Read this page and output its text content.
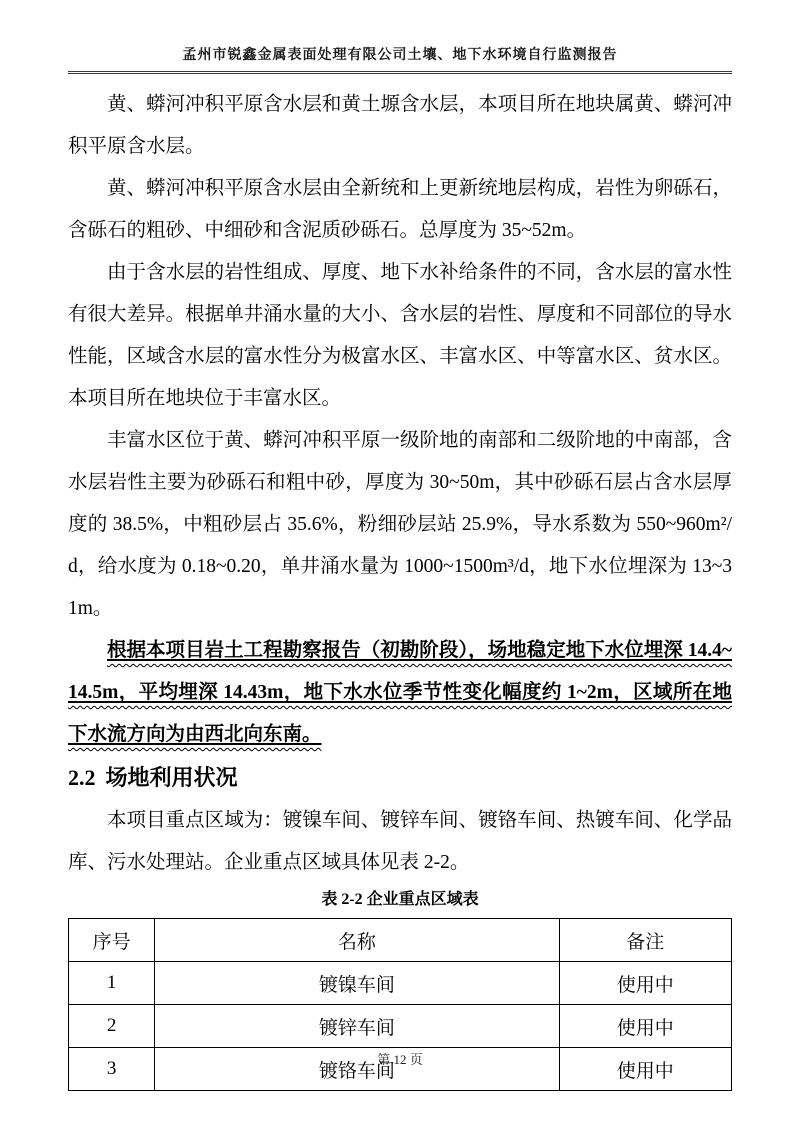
孟州市锐鑫金属表面处理有限公司土壤、地下水环境自行监测报告

黄、蟒河冲积平原含水层和黄土塬含水层，本项目所在地块属黄、蟒河冲积平原含水层。

黄、蟒河冲积平原含水层由全新统和上更新统地层构成，岩性为卵砾石，含砾石的粗砂、中细砂和含泥质砂砾石。总厚度为 35~52m。

由于含水层的岩性组成、厚度、地下水补给条件的不同，含水层的富水性有很大差异。根据单井涌水量的大小、含水层的岩性、厚度和不同部位的导水性能，区域含水层的富水性分为极富水区、丰富水区、中等富水区、贫水区。本项目所在地块位于丰富水区。

丰富水区位于黄、蟒河冲积平原一级阶地的南部和二级阶地的中南部，含水层岩性主要为砂砾石和粗中砂，厚度为 30~50m，其中砂砾石层占含水层厚度的 38.5%，中粗砂层占 35.6%，粉细砂层站 25.9%，导水系数为 550~960m²/d，给水度为 0.18~0.20，单井涌水量为 1000~1500m³/d，地下水位埋深为 13~31m。

根据本项目岩土工程勘察报告（初勘阶段），场地稳定地下水位埋深 14.4~14.5m，平均埋深 14.43m，地下水水位季节性变化幅度约 1~2m，区域所在地下水流方向为由西北向东南。

2.2 场地利用状况

本项目重点区域为：镀镍车间、镀锌车间、镀铬车间、热镀车间、化学品库、污水处理站。企业重点区域具体见表 2-2。

表 2-2 企业重点区域表
序号	名称	备注
1	镀镍车间	使用中
2	镀锌车间	使用中
3	镀铬车间	使用中
第 12 页
